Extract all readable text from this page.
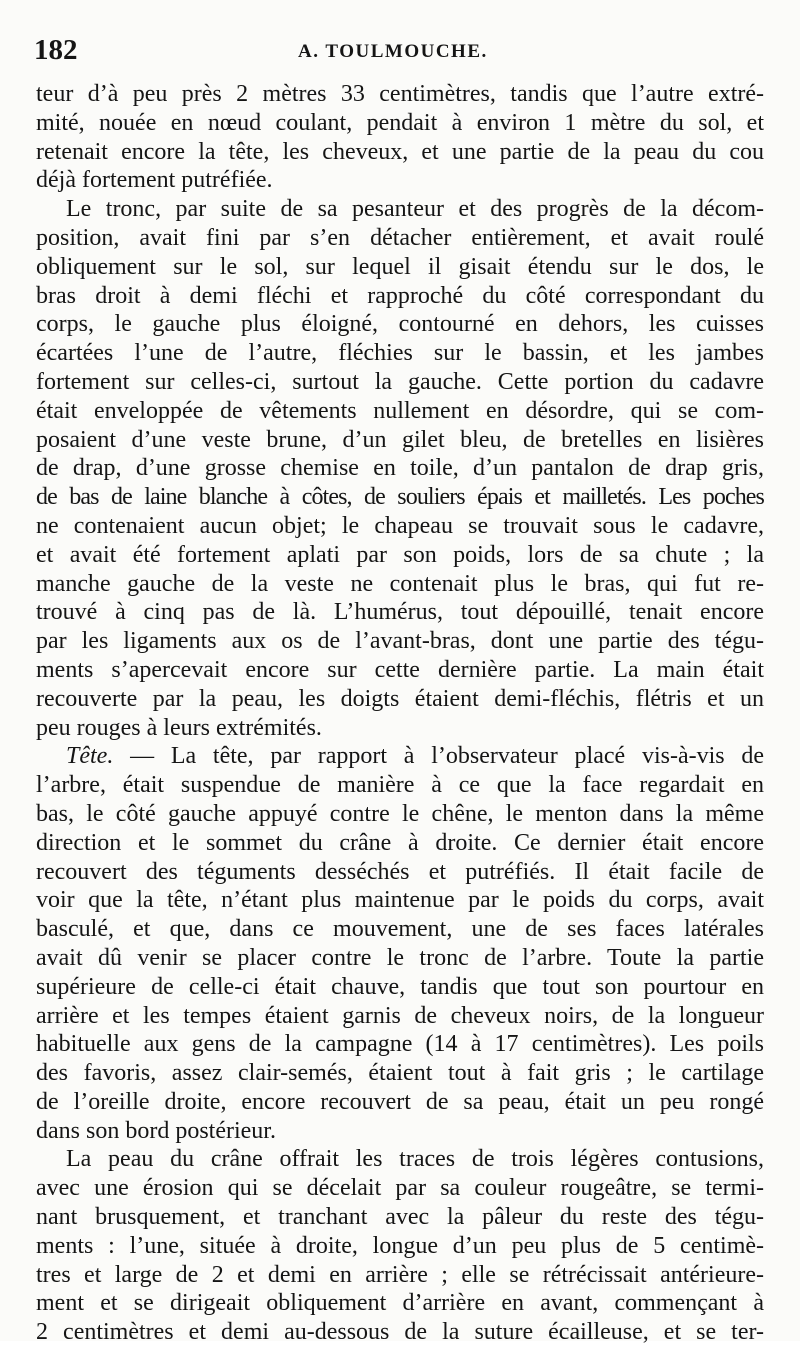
182	A. TOULMOUCHE.

teur d’à peu près 2 mètres 33 centimètres, tandis que l’autre extré-
mité, nouée en nœud coulant, pendait à environ 1 mètre du sol, et
retenait encore la tête, les cheveux, et une partie de la peau du cou
déjà fortement putréfiée.

Le tronc, par suite de sa pesanteur et des progrès de la décom-
position, avait fini par s’en détacher entièrement, et avait roulé
obliquement sur le sol, sur lequel il gisait étendu sur le dos, le
bras droit à demi fléchi et rapproché du côté correspondant du
corps, le gauche plus éloigné, contourné en dehors, les cuisses
écartées l’une de l’autre, fléchies sur le bassin, et les jambes
fortement sur celles-ci, surtout la gauche. Cette portion du cadavre
était enveloppée de vêtements nullement en désordre, qui se com-
posaient d’une veste brune, d’un gilet bleu, de bretelles en lisières
de drap, d’une grosse chemise en toile, d’un pantalon de drap gris,
de bas de laine blanche à côtes, de souliers épais et mailletés. Les poches
ne contenaient aucun objet; le chapeau se trouvait sous le cadavre,
et avait été fortement aplati par son poids, lors de sa chute ; la
manche gauche de la veste ne contenait plus le bras, qui fut re-
trouvé à cinq pas de là. L’humérus, tout dépouillé, tenait encore
par les ligaments aux os de l’avant-bras, dont une partie des tégu-
ments s’apercevait encore sur cette dernière partie. La main était
recouverte par la peau, les doigts étaient demi-fléchis, flétris et un
peu rouges à leurs extrémités.

Tête. — La tête, par rapport à l’observateur placé vis-à-vis de
l’arbre, était suspendue de manière à ce que la face regardait en
bas, le côté gauche appuyé contre le chêne, le menton dans la même
direction et le sommet du crâne à droite. Ce dernier était encore
recouvert des téguments desséchés et putréfiés. Il était facile de
voir que la tête, n’étant plus maintenue par le poids du corps, avait
basculé, et que, dans ce mouvement, une de ses faces latérales
avait dû venir se placer contre le tronc de l’arbre. Toute la partie
supérieure de celle-ci était chauve, tandis que tout son pourtour en
arrière et les tempes étaient garnis de cheveux noirs, de la longueur
habituelle aux gens de la campagne (14 à 17 centimètres). Les poils
des favoris, assez clair-semés, étaient tout à fait gris ; le cartilage
de l’oreille droite, encore recouvert de sa peau, était un peu rongé
dans son bord postérieur.

La peau du crâne offrait les traces de trois légères contusions,
avec une érosion qui se décelait par sa couleur rougeâtre, se termi-
nant brusquement, et tranchant avec la pâleur du reste des tégu-
ments : l’une, située à droite, longue d’un peu plus de 5 centimè-
tres et large de 2 et demi en arrière ; elle se rétrécissait antérieure-
ment et se dirigeait obliquement d’arrière en avant, commençant à
2 centimètres et demi au-dessous de la suture écailleuse, et se ter-
